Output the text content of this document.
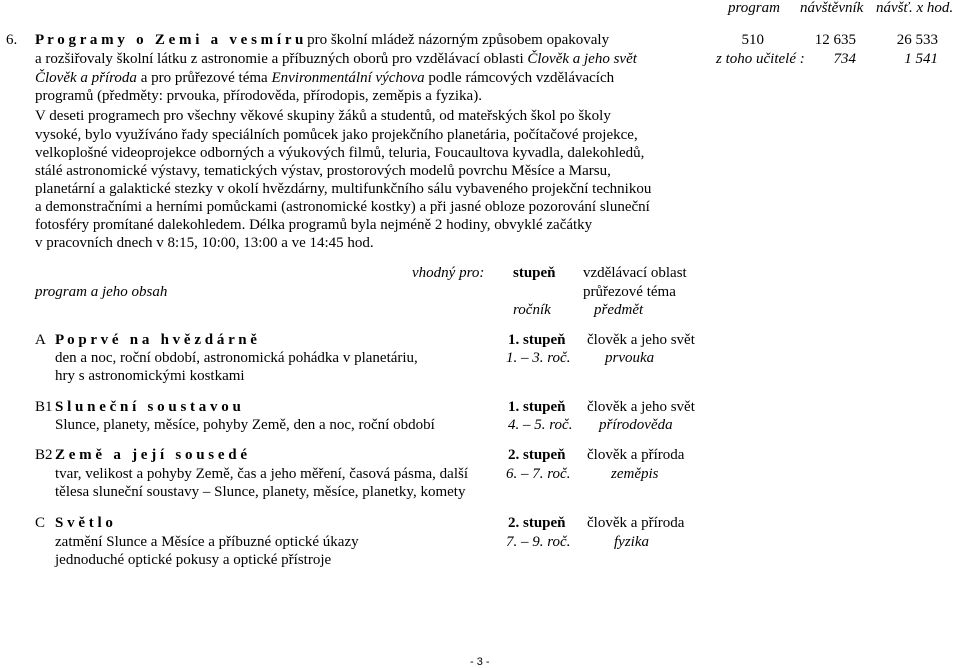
program návštěvník návšť. x hod.
510	12 635	26 533
z toho učitelé :	734	1 541
6. P r o g r a m y   o   Z e m i   a   v e s m í r u pro školní mládež názorným způsobem opakovaly
a rozšiřovaly školní látku z astronomie a příbuzných oborů pro vzdělávací oblasti Člověk a jeho svět
Člověk a příroda a pro průřezové téma Environmentální výchova podle rámcových vzdělávacích
programů (předměty: prvouka, přírodověda, přírodopis, zeměpis a fyzika).
V deseti programech pro všechny věkové skupiny žáků a studentů, od mateřských škol po školy
vysoké, bylo využíváno řady speciálních pomůcek jako projekčního planetária, počítačové projekce,
velkoplošné videoprojekce odborných a výukových filmů, teluria, Foucaultova kyvadla, dalekohledů,
stálé astronomické výstavy, tematických výstav, prostorových modelů povrchu Měsíce a Marsu,
planetární a galaktické stezky v okolí hvězdárny, multifunkčního sálu vybaveného projekční technikou
a demonstračními a herními pomůckami (astronomické kostky) a při jasné obloze pozorování sluneční
fotosféry promítané dalekohledem. Délka programů byla nejméně 2 hodiny, obvyklé začátky
v pracovních dnech v 8:15, 10:00, 13:00 a ve 14:45 hod.
vhodný pro: stupeň vzdělávací oblast
program a jeho obsah	průřezové téma
ročník	předmět
A P o p r v é   n a   h v ě z d á r n ě	1. stupeň člověk a jeho svět
den a noc, roční období, astronomická pohádka v planetáriu,	1. – 3. roč. prvouka
hry s astronomickými kostkami
B1 S l u n e č n í   s o u s t a v o u	1. stupeň člověk a jeho svět
Slunce, planety, měsíce, pohyby Země, den a noc, roční období	4. – 5. roč. přírodověda
B2 Z e m ě   a   j e j í   s o u s e d é	2. stupeň člověk a příroda
tvar, velikost a pohyby Země, čas a jeho měření, časová pásma, další	6. – 7. roč.	zeměpis
tělesa sluneční soustavy – Slunce, planety, měsíce, planetky, komety
C S v ě t l o	2. stupeň člověk a příroda
zatmění Slunce a Měsíce a příbuzné optické úkazy	7. – 9. roč.	fyzika
jednoduché optické pokusy a optické přístroje
- 3 -
